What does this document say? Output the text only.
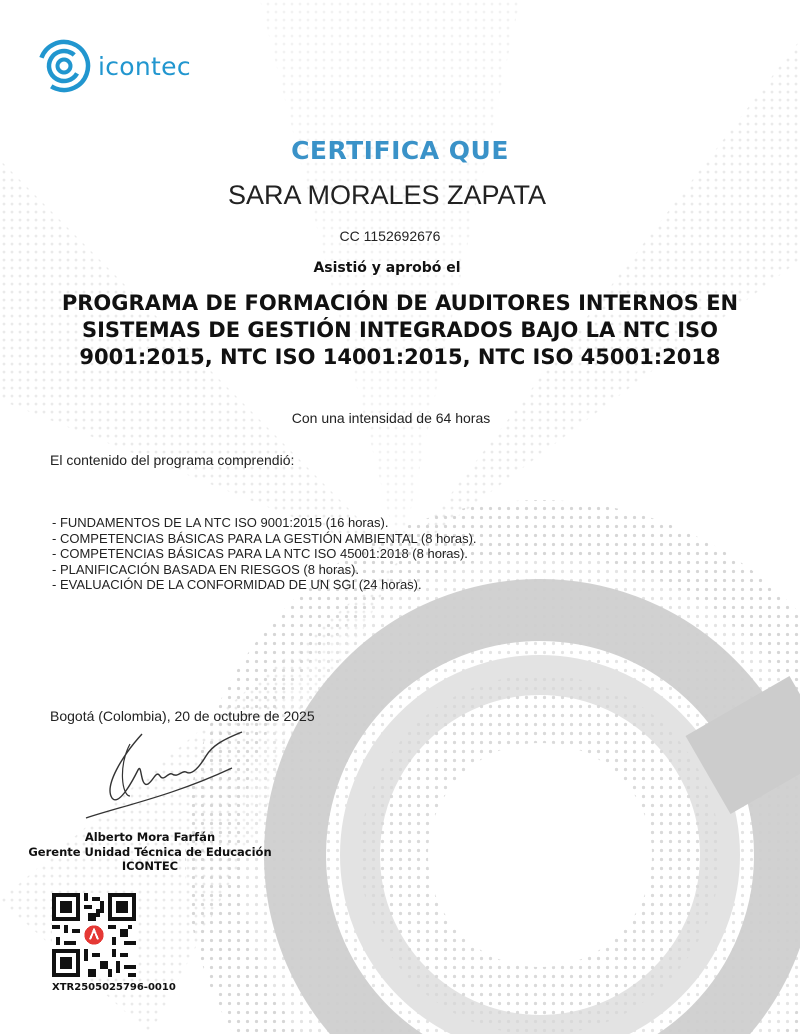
icontec
CERTIFICA QUE
SARA MORALES ZAPATA
CC 1152692676
Asistió y aprobó el
PROGRAMA DE FORMACIÓN DE AUDITORES INTERNOS EN
SISTEMAS DE GESTIÓN INTEGRADOS BAJO LA NTC ISO
9001:2015, NTC ISO 14001:2015, NTC ISO 45001:2018
Con una intensidad de 64 horas
El contenido del programa comprendió:
- FUNDAMENTOS DE LA NTC ISO 9001:2015 (16 horas).
- COMPETENCIAS BÁSICAS PARA LA GESTIÓN AMBIENTAL (8 horas).
- COMPETENCIAS BÁSICAS PARA LA NTC ISO 45001:2018 (8 horas).
- PLANIFICACIÓN BASADA EN RIESGOS (8 horas).
- EVALUACIÓN DE LA CONFORMIDAD DE UN SGI (24 horas).
Bogotá (Colombia), 20 de octubre de 2025
Alberto Mora Farfán
Gerente Unidad Técnica de Educación ICONTEC
XTR2505025796-0010
